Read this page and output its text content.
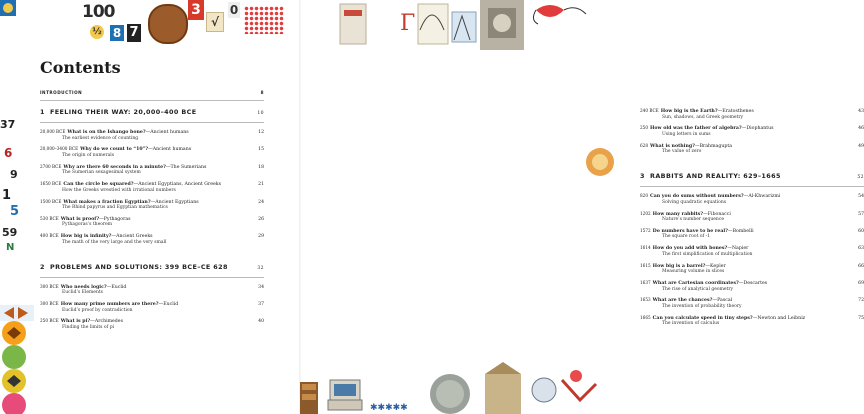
100
½ 8 7
3
√
0
Contents
37
6
9
1
5
59
N
INTRODUCTION	8
1 FEELING THEIR WAY: 20,000–400 BCE	10
20,000 BCE What is on the Ishango bone?—Ancient humans	12
The earliest evidence of counting
20,000–3400 BCE Why do we count to “10”?—Ancient humans	15
The origin of numerals
2700 BCE Why are there 60 seconds in a minute?—The Sumerians	18
The Sumerian sexagesimal system
1650 BCE Can the circle be squared?—Ancient Egyptians, Ancient Greeks	21
How the Greeks wrestled with irrational numbers
1500 BCE What makes a fraction Egyptian?—Ancient Egyptians	24
The Rhind papyrus and Egyptian mathematics
530 BCE What is proof?—Pythagoras	26
Pythagoras’s theorem
400 BCE How big is infinity?—Ancient Greeks	29
The math of the very large and the very small
2 PROBLEMS AND SOLUTIONS: 399 BCE–CE 628	32
300 BCE Who needs logic?—Euclid	34
Euclid’s Elements
300 BCE How many prime numbers are there?—Euclid	37
Euclid’s proof by contradiction
250 BCE What is pi?—Archimedes	40
Finding the limits of pi
Γ
240 BCE How big is the Earth?—Eratosthenes	43
Sun, shadows, and Greek geometry
250 How old was the father of algebra?—Diophantus	46
Using letters in sums
628 What is nothing?—Brahmagupta	49
The value of zero
3 RABBITS AND REALITY: 629–1665	52
820 Can you do sums without numbers?—Al-Khwarizmi	54
Solving quadratic equations
1202 How many rabbits?—Fibonacci	57
Nature’s number sequence
1572 Do numbers have to be real?—Bombelli	60
The square root of -1
1614 How do you add with bones?—Napier	63
The first simplification of multiplication
1615 How big is a barrel?—Kepler	66
Measuring volume in slices
1637 What are Cartesian coordinates?—Descartes	69
The rise of analytical geometry
1653 What are the chances?—Pascal	72
The invention of probability theory
1665 Can you calculate speed in tiny steps?—Newton and Leibniz	75
The invention of calculus
✱✱✱✱✱
